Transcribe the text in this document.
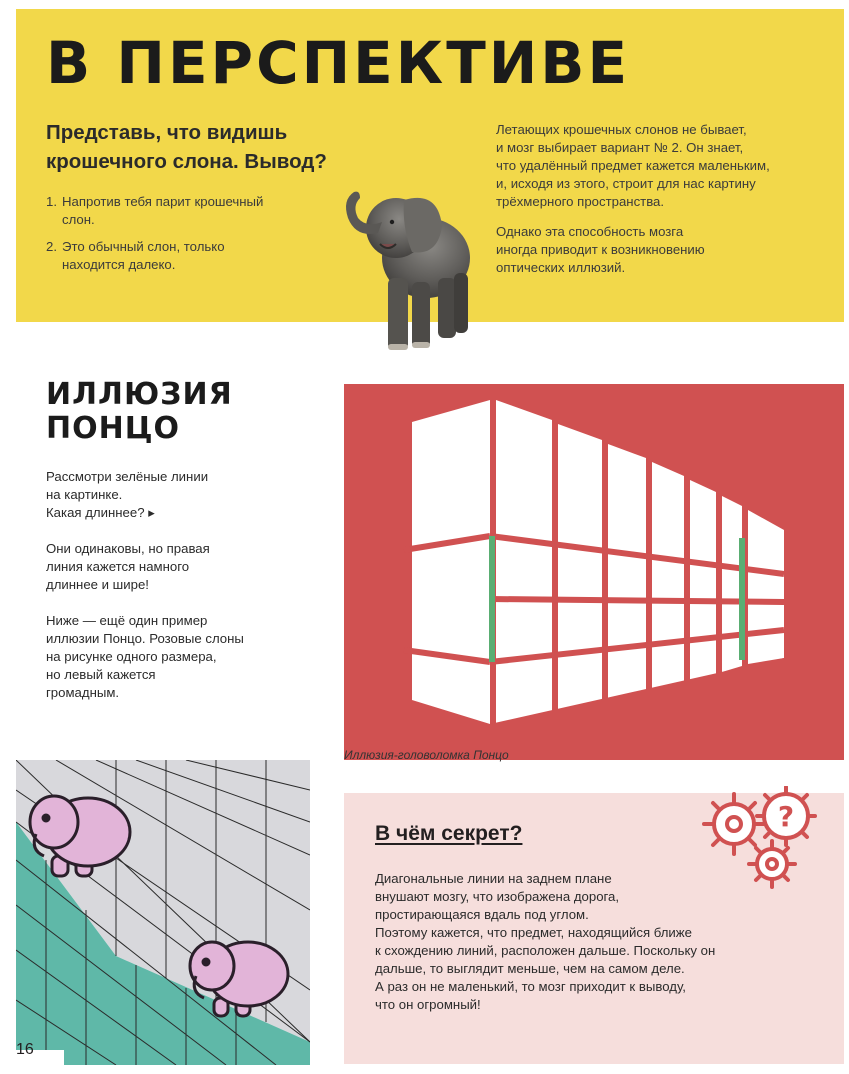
В ПЕРСПЕКТИВЕ
Представь, что видишь
крошечного слона. Вывод?
1. Напротив тебя парит крошечный
слон.
2. Это обычный слон, только
находится далеко.

Летающих крошечных слонов не бывает,
и мозг выбирает вариант № 2. Он знает,
что удалённый предмет кажется маленьким,
и, исходя из этого, строит для нас картину
трёхмерного пространства.

Однако эта способность мозга
иногда приводит к возникновению
оптических иллюзий.

ИЛЛЮЗИЯ
ПОНЦО

Рассмотри зелёные линии
на картинке.
Какая длиннее? ▸

Они одинаковы, но правая
линия кажется намного
длиннее и шире!

Ниже — ещё один пример
иллюзии Понцо. Розовые слоны
на рисунке одного размера,
но левый кажется
громадным.

Иллюзия-головоломка Понцо
В чём секрет?
Диагональные линии на заднем плане
внушают мозгу, что изображена дорога,
простирающаяся вдаль под углом.
Поэтому кажется, что предмет, находящийся ближе
к схождению линий, расположен дальше. Поскольку он
дальше, то выглядит меньше, чем на самом деле.
А раз он не маленький, то мозг приходит к выводу,
что он огромный!
?
16
